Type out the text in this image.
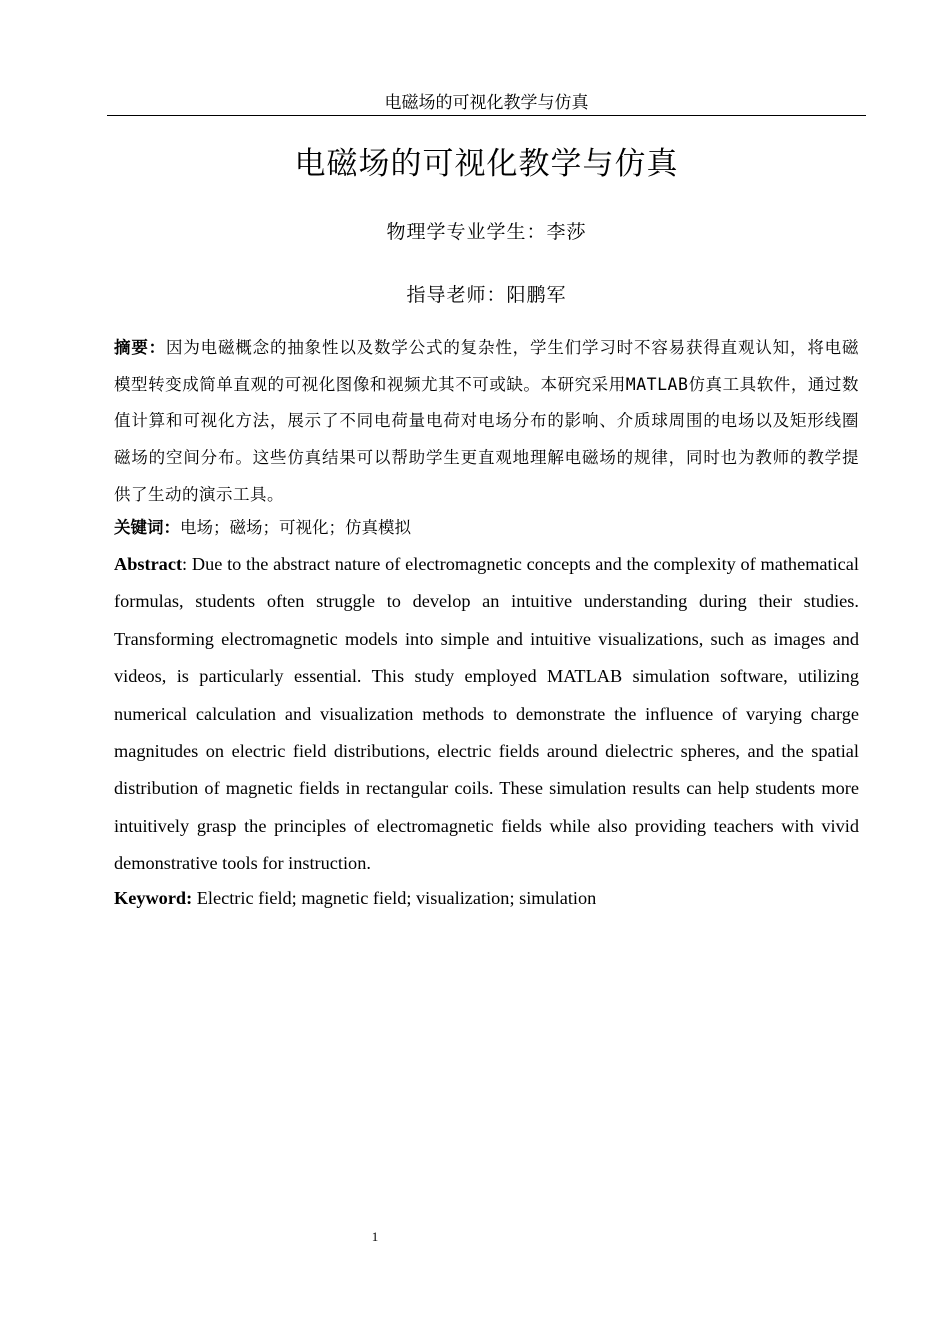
电磁场的可视化教学与仿真
电磁场的可视化教学与仿真
物理学专业学生：李莎
指导老师：阳鹏军
摘要：因为电磁概念的抽象性以及数学公式的复杂性，学生们学习时不容易获得直观认知，将电磁模型转变成简单直观的可视化图像和视频尤其不可或缺。本研究采用MATLAB仿真工具软件，通过数值计算和可视化方法，展示了不同电荷量电荷对电场分布的影响、介质球周围的电场以及矩形线圈磁场的空间分布。这些仿真结果可以帮助学生更直观地理解电磁场的规律，同时也为教师的教学提供了生动的演示工具。
关键词：电场；磁场；可视化；仿真模拟
Abstract: Due to the abstract nature of electromagnetic concepts and the complexity of mathematical formulas, students often struggle to develop an intuitive understanding during their studies. Transforming electromagnetic models into simple and intuitive visualizations, such as images and videos, is particularly essential. This study employed MATLAB simulation software, utilizing numerical calculation and visualization methods to demonstrate the influence of varying charge magnitudes on electric field distributions, electric fields around dielectric spheres, and the spatial distribution of magnetic fields in rectangular coils. These simulation results can help students more intuitively grasp the principles of electromagnetic fields while also providing teachers with vivid demonstrative tools for instruction.
Keyword: Electric field; magnetic field; visualization; simulation
1
